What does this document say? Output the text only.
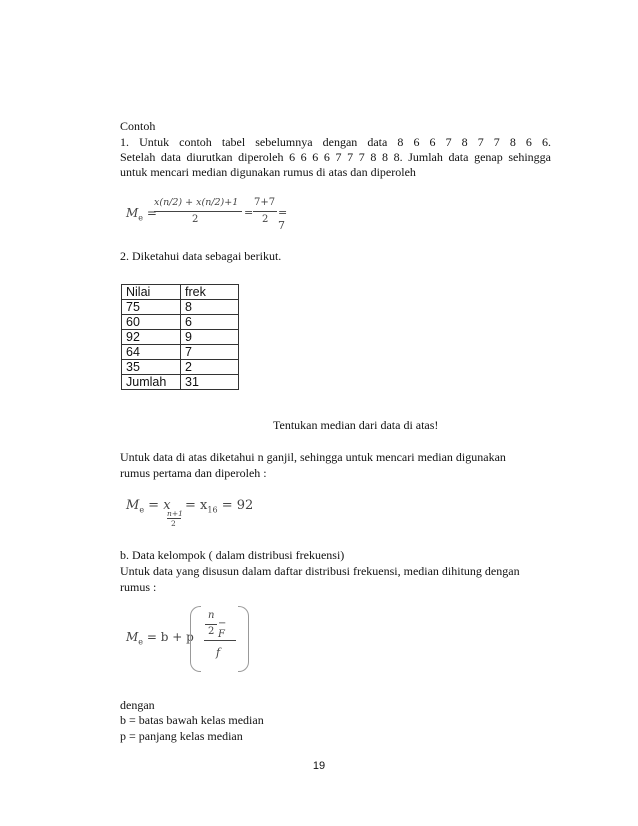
Contoh
1. Untuk contoh tabel sebelumnya dengan data 8 6 6 7 8 7 7 8 6 6.
Setelah data diurutkan diperoleh 6 6 6 6 7 7 7 8 8 8. Jumlah data genap sehingga
untuk mencari median digunakan rumus di atas dan diperoleh
$M_e$ =
x(n/2) + x(n/2)+1
2
=
7+7
2
= 7
2. Diketahui data sebagai berikut.
Nilai	frek
75	8
60	6
92	9
64	7
35	2
Jumlah	31
Tentukan median dari data di atas!
Untuk data di atas diketahui n ganjil, sehingga untuk mencari median digunakan
rumus pertama dan diperoleh :
$M_e = x$
n+1
2
= $x_{16} = 92$
b. Data kelompok ( dalam distribusi frekuensi)
Untuk data yang disusun dalam daftar distribusi frekuensi, median dihitung dengan
rumus :
$M_e = b + p$
n
2
− F
f
dengan
b = batas bawah kelas median
p = panjang kelas median
19
